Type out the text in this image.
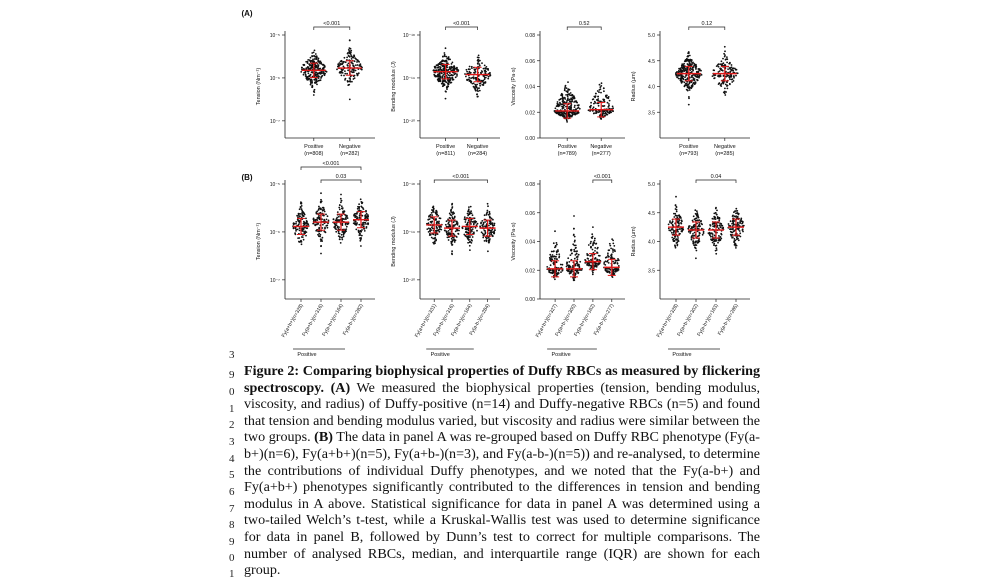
(A)
(B)
10⁻⁵
10⁻⁶
10⁻⁷
Tension (Nm⁻¹)
Positive
(n=808)
Negative
(n=282)
<0.001
10⁻¹⁸
10⁻¹⁹
10⁻²⁰
Bending modulus (J)
Positive
(n=811)
Negative
(n=284)
<0.001
0.00
0.02
0.04
0.06
0.08
Viscosity (Pa·s)
Positive
(n=789)
Negative
(n=277)
0.52
3.5
4.0
4.5
5.0
Radius (µm)
Positive
(n=793)
Negative
(n=285)
0.12
10⁻⁵
10⁻⁶
10⁻⁷
Tension (Nm⁻¹)
Fy(a+b+)(n=328)
Fy(a+b-)(n=316)
Fy(a-b+)(n=164)
Fy(a-b-)(n=282)
<0.001
0.03
Positive
10⁻¹⁸
10⁻¹⁹
10⁻²⁰
Bending modulus (J)
Fy(a+b+)(n=331)
Fy(a+b-)(n=316)
Fy(a-b+)(n=164)
Fy(a-b-)(n=284)
<0.001
Positive
0.00
0.02
0.04
0.06
0.08
Viscosity (Pa·s)
Fy(a+b+)(n=327)
Fy(a+b-)(n=300)
Fy(a-b+)(n=162)
Fy(a-b-)(n=277)
<0.001
Positive
3.5
4.0
4.5
5.0
Radius (µm)
Fy(a+b+)(n=328)
Fy(a+b-)(n=302)
Fy(a-b+)(n=163)
Fy(a-b-)(n=285)
0.04
Positive
3
9
0
1
2
3
4
5
6
7
8
9
0
1
Figure 2: Comparing biophysical properties of Duffy RBCs as measured by flickering spectroscopy. (A) We measured the biophysical properties (tension, bending modulus, viscosity, and radius) of Duffy-positive (n=14) and Duffy-negative RBCs (n=5) and found that tension and bending modulus varied, but viscosity and radius were similar between the two groups. (B) The data in panel A was re-grouped based on Duffy RBC phenotype (Fy(a-b+)(n=6), Fy(a+b+)(n=5), Fy(a+b-)(n=3), and Fy(a-b-)(n=5)) and re-analysed, to determine the contributions of individual Duffy phenotypes, and we noted that the Fy(a-b+) and Fy(a+b+) phenotypes significantly contributed to the differences in tension and bending modulus in A above. Statistical significance for data in panel A was determined using a two-tailed Welch’s t-test, while a Kruskal-Wallis test was used to determine significance for data in panel B, followed by Dunn’s test to correct for multiple comparisons. The number of analysed RBCs, median, and interquartile range (IQR) are shown for each group.
